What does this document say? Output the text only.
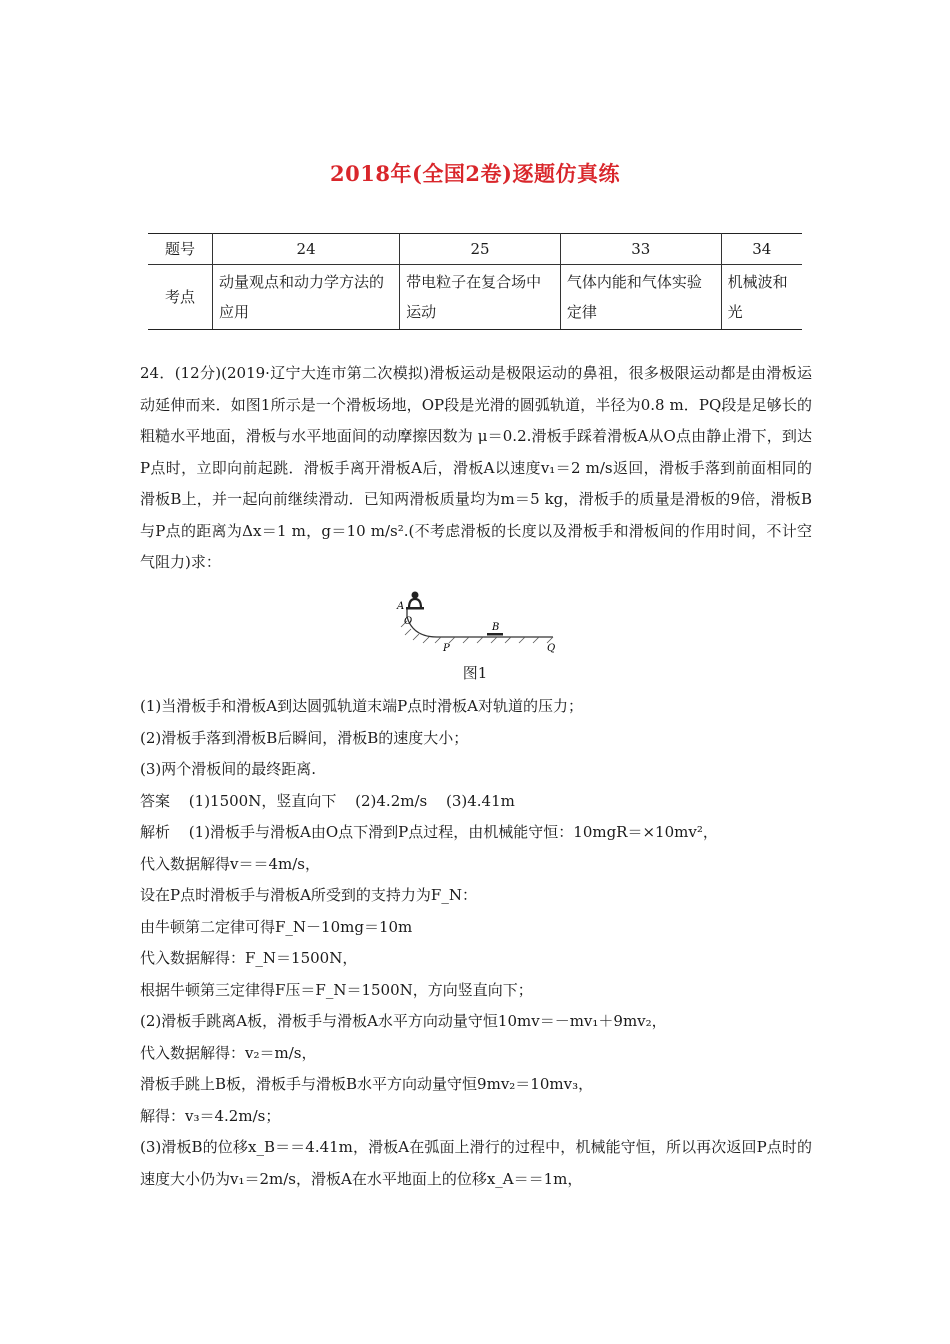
2018年(全国2卷)逐题仿真练
题号	24	25	33	34
考点	动量观点和动力学方法的应用	带电粒子在复合场中运动	气体内能和气体实验定律	机械波和光

24．(12分)(2019·辽宁大连市第二次模拟)滑板运动是极限运动的鼻祖，很多极限运动都是由滑板运动延伸而来．如图1所示是一个滑板场地，OP段是光滑的圆弧轨道，半径为0.8 m．PQ段是足够长的粗糙水平地面，滑板与水平地面间的动摩擦因数为 μ＝0.2.滑板手踩着滑板A从O点由静止滑下，到达P点时，立即向前起跳．滑板手离开滑板A后，滑板A以速度v₁＝2 m/s返回，滑板手落到前面相同的滑板B上，并一起向前继续滑动．已知两滑板质量均为m＝5 kg，滑板手的质量是滑板的9倍，滑板B与P点的距离为Δx＝1 m，g＝10 m/s².(不考虑滑板的长度以及滑板手和滑板间的作用时间，不计空气阻力)求：

A
O
P
B
Q
图1

(1)当滑板手和滑板A到达圆弧轨道末端P点时滑板A对轨道的压力；

(2)滑板手落到滑板B后瞬间，滑板B的速度大小；

(3)两个滑板间的最终距离.

答案 (1)1500N，竖直向下 (2)4.2m/s (3)4.41m

解析 (1)滑板手与滑板A由O点下滑到P点过程，由机械能守恒：10mgR＝×10mv²，

代入数据解得v＝＝4m/s，

设在P点时滑板手与滑板A所受到的支持力为F_N：

由牛顿第二定律可得F_N－10mg＝10m

代入数据解得：F_N＝1500N，

根据牛顿第三定律得F压＝F_N＝1500N，方向竖直向下；

(2)滑板手跳离A板，滑板手与滑板A水平方向动量守恒10mv＝－mv₁＋9mv₂，

代入数据解得：v₂＝m/s，

滑板手跳上B板，滑板手与滑板B水平方向动量守恒9mv₂＝10mv₃，

解得：v₃＝4.2m/s；

(3)滑板B的位移x_B＝＝4.41m，滑板A在弧面上滑行的过程中，机械能守恒，所以再次返回P点时的速度大小仍为v₁＝2m/s，滑板A在水平地面上的位移x_A＝＝1m，
